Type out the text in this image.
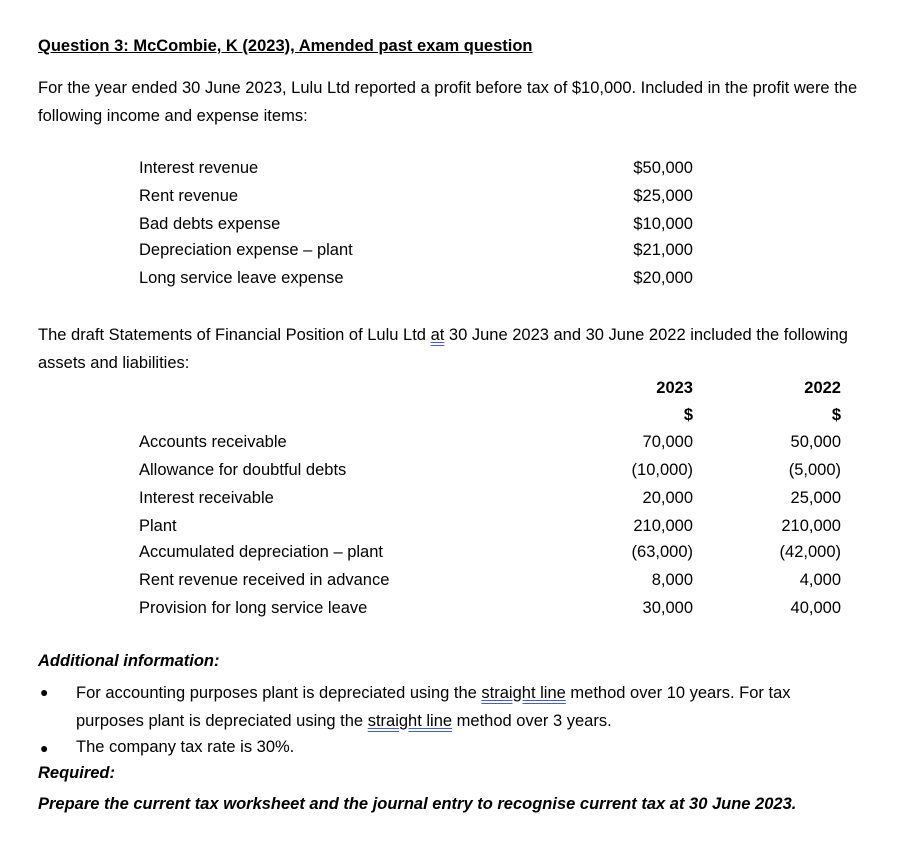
Question 3: McCombie, K (2023), Amended past exam question
For the year ended 30 June 2023, Lulu Ltd reported a profit before tax of $10,000. Included in the profit were the following income and expense items:
Interest revenue	$50,000
Rent revenue	$25,000
Bad debts expense	$10,000
Depreciation expense – plant	$21,000
Long service leave expense	$20,000
The draft Statements of Financial Position of Lulu Ltd at 30 June 2023 and 30 June 2022 included the following assets and liabilities:
2023	2022
$	$
Accounts receivable	70,000	50,000
Allowance for doubtful debts	(10,000)	(5,000)
Interest receivable	20,000	25,000
Plant	210,000	210,000
Accumulated depreciation – plant	(63,000)	(42,000)
Rent revenue received in advance	8,000	4,000
Provision for long service leave	30,000	40,000
Additional information:
● For accounting purposes plant is depreciated using the straight line method over 10 years. For tax purposes plant is depreciated using the straight line method over 3 years.
● The company tax rate is 30%.
Required:
Prepare the current tax worksheet and the journal entry to recognise current tax at 30 June 2023.
